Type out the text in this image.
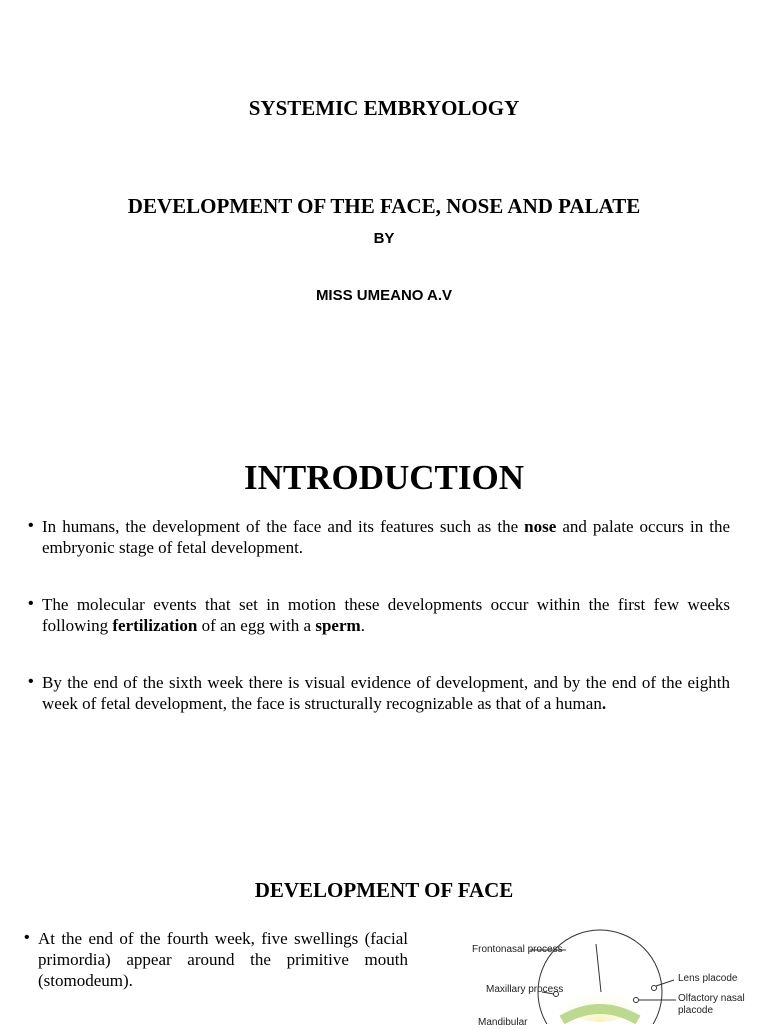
SYSTEMIC EMBRYOLOGY
DEVELOPMENT OF THE FACE, NOSE AND PALATE
BY
MISS UMEANO A.V
INTRODUCTION
• In humans, the development of the face and its features such as the nose and palate occurs in the embryonic stage of fetal development.
• The molecular events that set in motion these developments occur within the first few weeks following fertilization of an egg with a sperm.
• By the end of the sixth week there is visual evidence of development, and by the end of the eighth week of fetal development, the face is structurally recognizable as that of a human.
DEVELOPMENT OF FACE
• At the end of the fourth week, five swellings (facial primordia) appear around the primitive mouth (stomodeum).
Frontonasal process
Maxillary process
Mandibular
Lens placode
Olfactory nasal placode
